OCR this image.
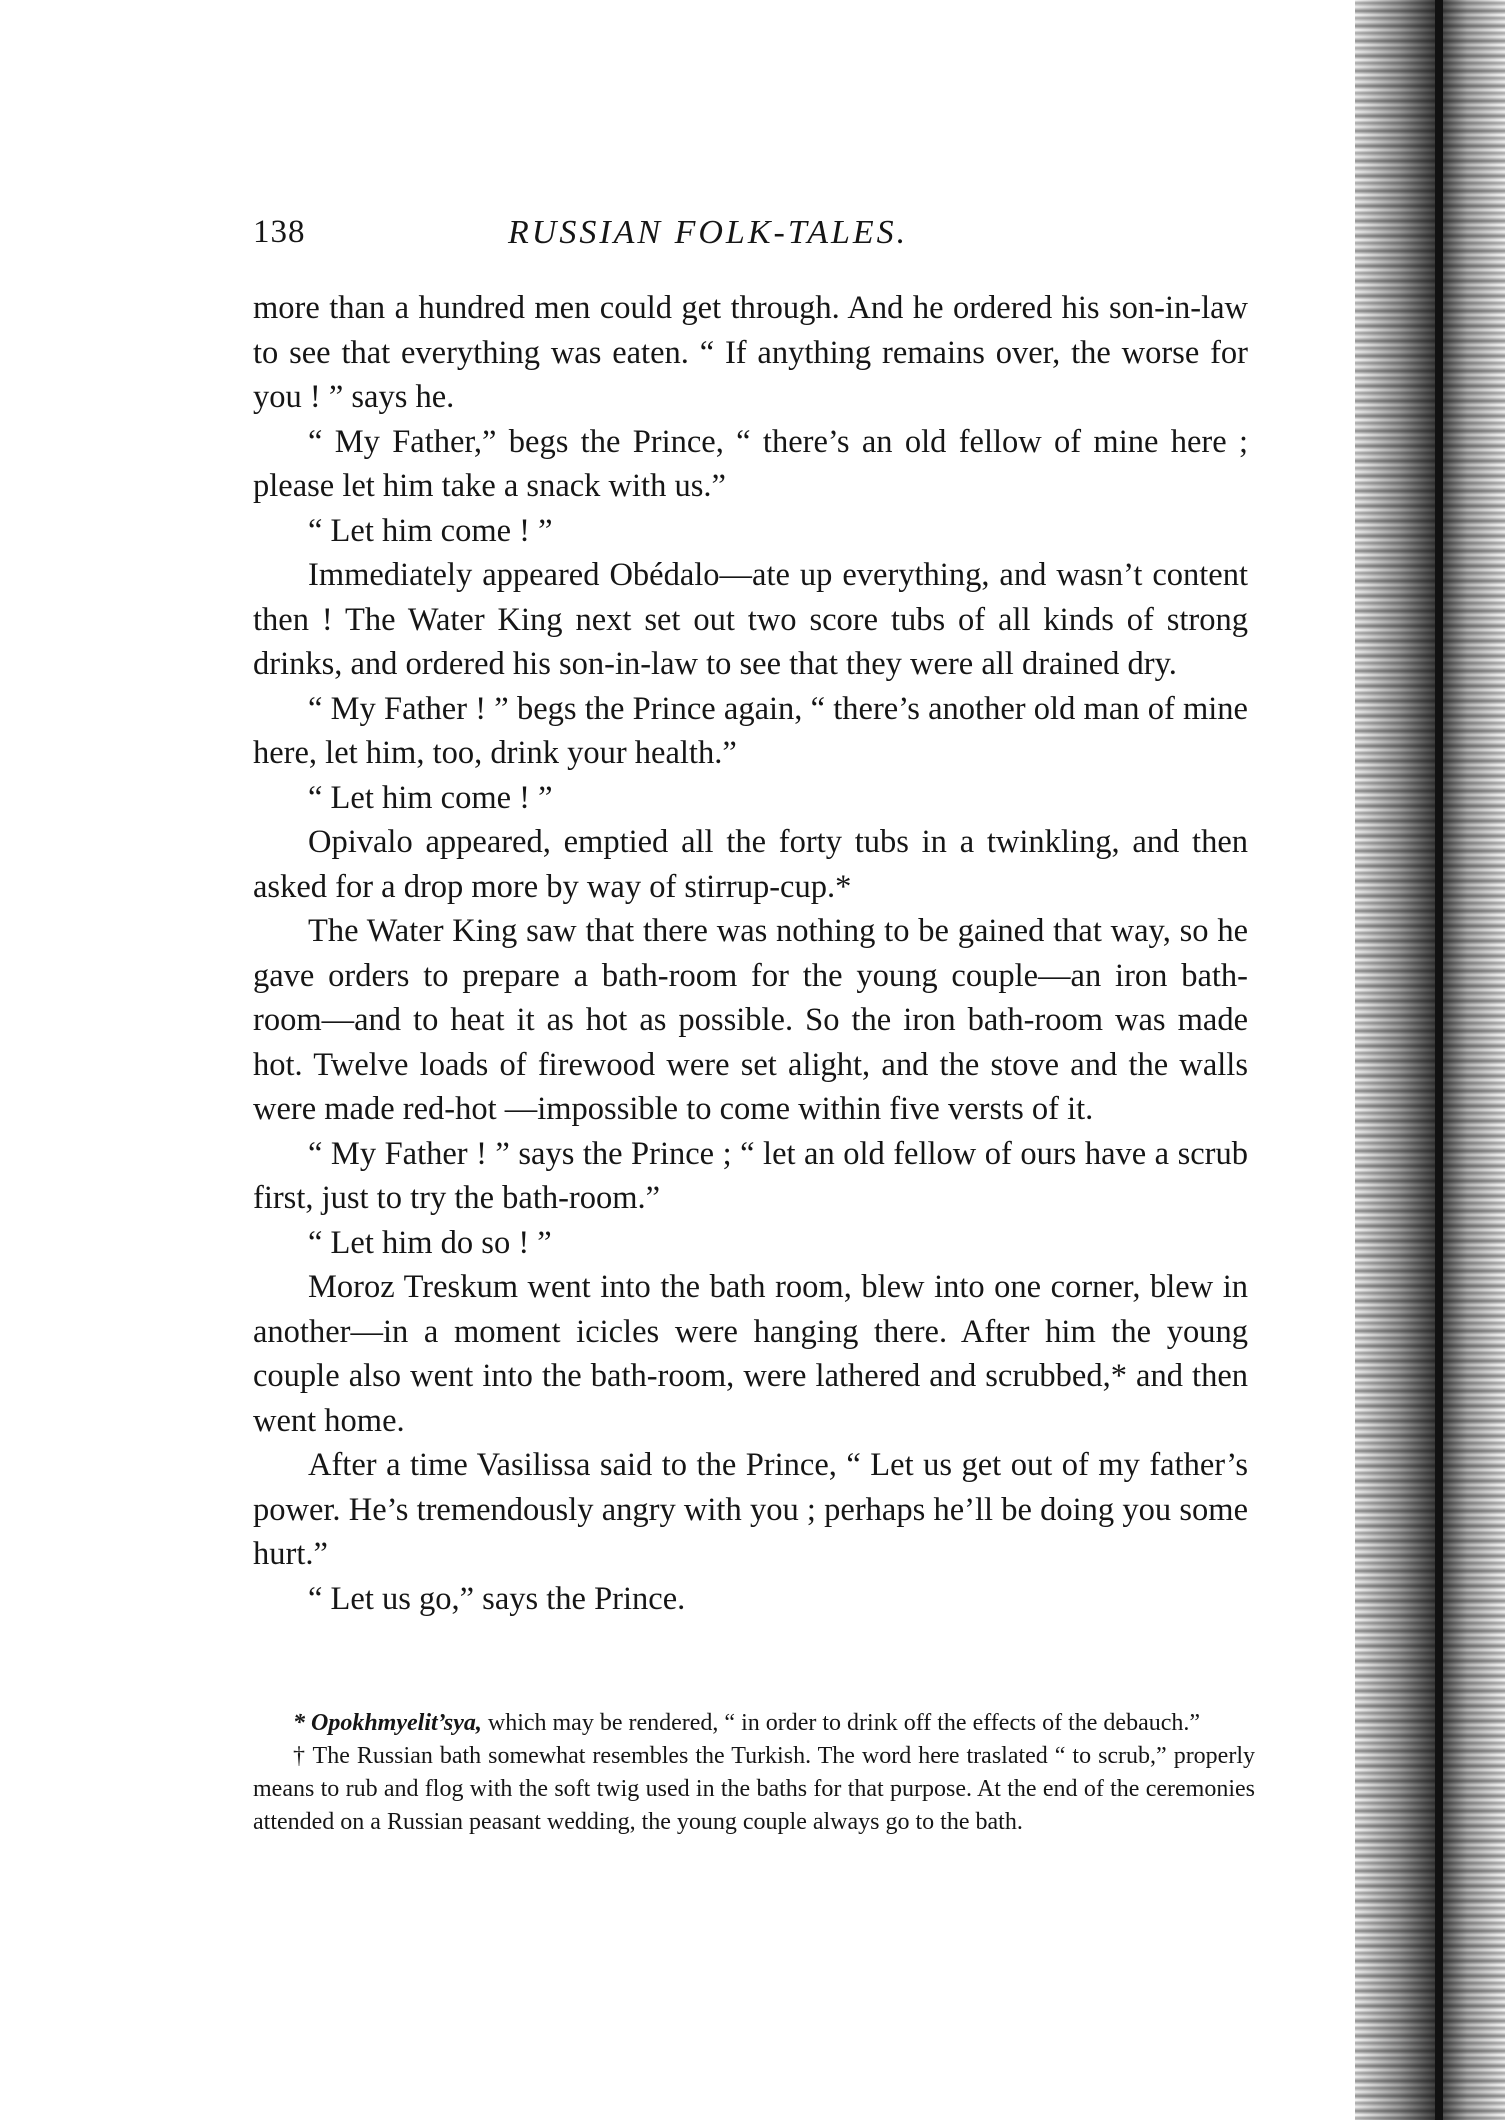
138	RUSSIAN FOLK-TALES.

more than a hundred men could get through. And he ordered his son-in-law to see that everything was eaten. “ If anything remains over, the worse for you ! ” says he.

“ My Father,” begs the Prince, “ there’s an old fellow of mine here ; please let him take a snack with us.”

“ Let him come ! ”

Immediately appeared Obédalo—ate up everything, and wasn’t content then ! The Water King next set out two score tubs of all kinds of strong drinks, and ordered his son-in-law to see that they were all drained dry.

“ My Father ! ” begs the Prince again, “ there’s another old man of mine here, let him, too, drink your health.”

“ Let him come ! ”

Opivalo appeared, emptied all the forty tubs in a twinkling, and then asked for a drop more by way of stirrup-cup.*

The Water King saw that there was nothing to be gained that way, so he gave orders to prepare a bath-room for the young couple—an iron bath-room—and to heat it as hot as possible. So the iron bath-room was made hot. Twelve loads of firewood were set alight, and the stove and the walls were made red-hot —impossible to come within five versts of it.

“ My Father ! ” says the Prince ; “ let an old fellow of ours have a scrub first, just to try the bath-room.”

“ Let him do so ! ”

Moroz Treskum went into the bath room, blew into one corner, blew in another—in a moment icicles were hanging there. After him the young couple also went into the bath-room, were lathered and scrubbed,* and then went home.

After a time Vasilissa said to the Prince, “ Let us get out of my father’s power. He’s tremendously angry with you ; perhaps he’ll be doing you some hurt.”

“ Let us go,” says the Prince.

* Opokhmyelit’sya, which may be rendered, “ in order to drink off the effects of the debauch.”

† The Russian bath somewhat resembles the Turkish. The word here traslated “ to scrub,” properly means to rub and flog with the soft twig used in the baths for that purpose. At the end of the ceremonies attended on a Russian peasant wedding, the young couple always go to the bath.
